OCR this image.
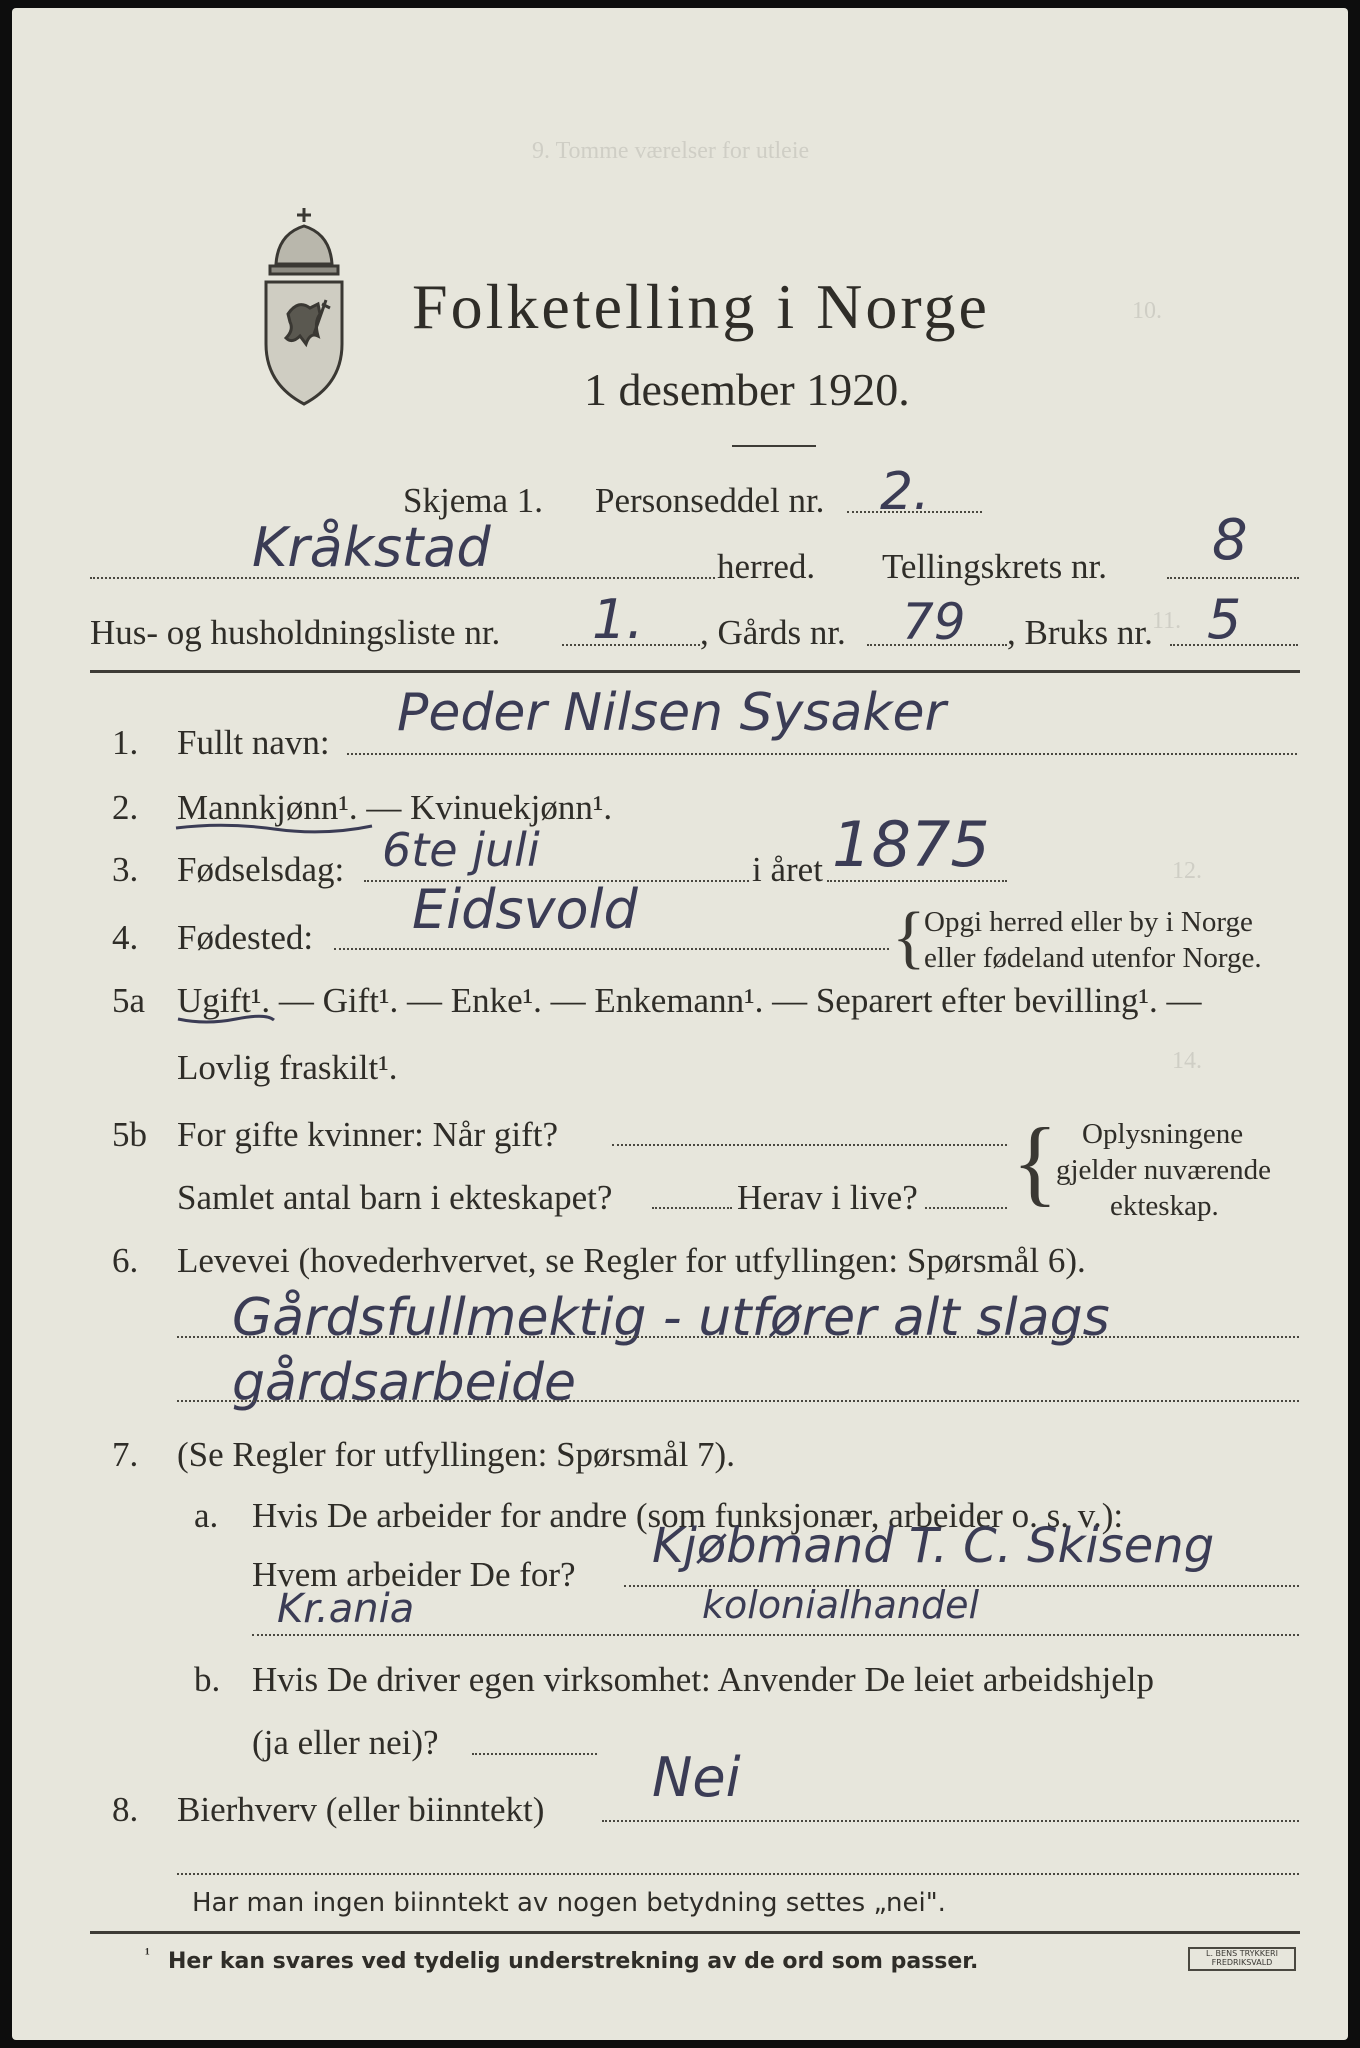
9. Tomme værelser for utleie
10.
11.
12.
14.
Folketelling i Norge
1 desember 1920.
Skjema 1. Personseddel nr. 2.
Kråkstad	herred. Tellingskrets nr. 8
Hus- og husholdningsliste nr. 1. , Gårds nr. 79 , Bruks nr. 5
1. Fullt navn: Peder Nilsen Sysaker
2. Mannkjønn¹. — Kvinuekjønn¹.
3. Fødselsdag: 6te juli	i året 1875
4. Fødested: Eidsvold	{
Opgi herred eller by i Norge
eller fødeland utenfor Norge.
5a Ugift¹. — Gift¹. — Enke¹. — Enkemann¹. — Separert efter bevilling¹. —
Lovlig fraskilt¹.
5b For gifte kvinner: Når gift?
Samlet antal barn i ekteskapet?	Herav i live? { Oplysningene
gjelder nuværende
ekteskap.
6. Levevei (hovederhvervet, se Regler for utfyllingen: Spørsmål 6).
Gårdsfullmektig - utfører alt slags
gårdsarbeide
7. (Se Regler for utfyllingen: Spørsmål 7).
a. Hvis De arbeider for andre (som funksjonær, arbeider o. s. v.):
Hvem arbeider De for?
Kjøbmand T. C. Skiseng
Kr.ania	kolonialhandel
b. Hvis De driver egen virksomhet: Anvender De leiet arbeidshjelp
(ja eller nei)?
8. Bierhverv (eller biinntekt)
Nei
Har man ingen biinntekt av nogen betydning settes „nei".
¹ Her kan svares ved tydelig understrekning av de ord som passer.	L. BENS TRYKKERI FREDRIKSVALD
